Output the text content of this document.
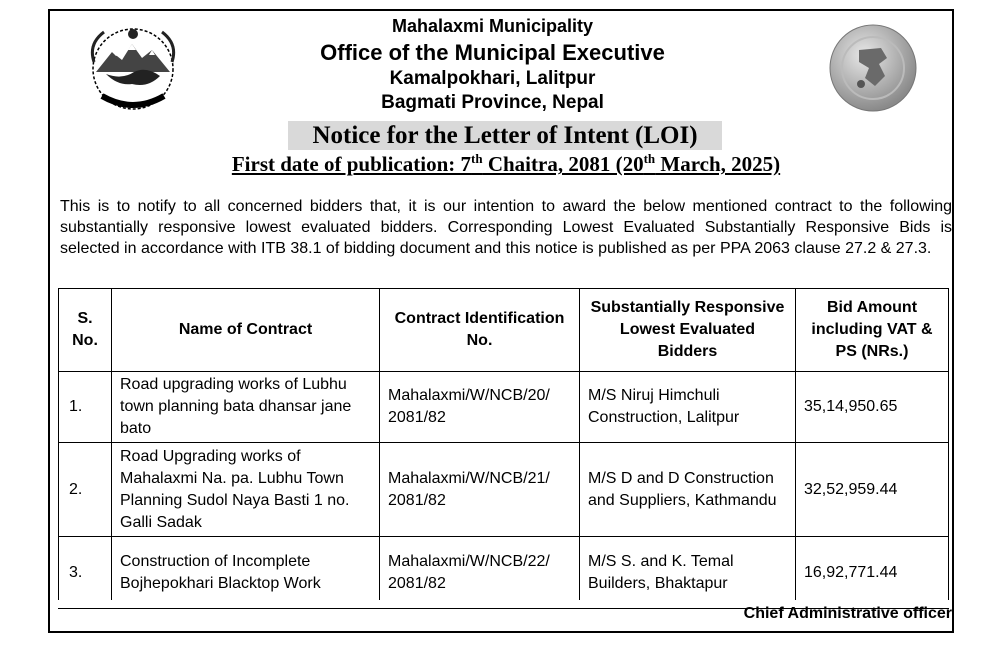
Mahalaxmi Municipality
Office of the Municipal Executive
Kamalpokhari, Lalitpur
Bagmati Province, Nepal
Notice for the Letter of Intent (LOI)
First date of publication: 7th Chaitra, 2081 (20th March, 2025)
This is to notify to all concerned bidders that, it is our intention to award the below mentioned contract to the following substantially responsive lowest evaluated bidders. Corresponding Lowest Evaluated Substantially Responsive Bids is selected in accordance with ITB 38.1 of bidding document and this notice is published as per PPA 2063 clause 27.2 & 27.3.
S. No.	Name of Contract	Contract Identification No.	Substantially Responsive Lowest Evaluated Bidders	Bid Amount including VAT & PS (NRs.)
1.	Road upgrading works of Lubhu town planning bata dhansar jane bato	Mahalaxmi/W/NCB/20/ 2081/82	M/S Niruj Himchuli Construction, Lalitpur	35,14,950.65
2.	Road Upgrading works of Mahalaxmi Na. pa. Lubhu Town Planning Sudol Naya Basti 1 no. Galli Sadak	Mahalaxmi/W/NCB/21/ 2081/82	M/S D and D Construction and Suppliers, Kathmandu	32,52,959.44
3.	Construction of Incomplete Bojhepokhari Blacktop Work	Mahalaxmi/W/NCB/22/ 2081/82	M/S S. and K. Temal Builders, Bhaktapur	16,92,771.44
Chief Administrative officer
